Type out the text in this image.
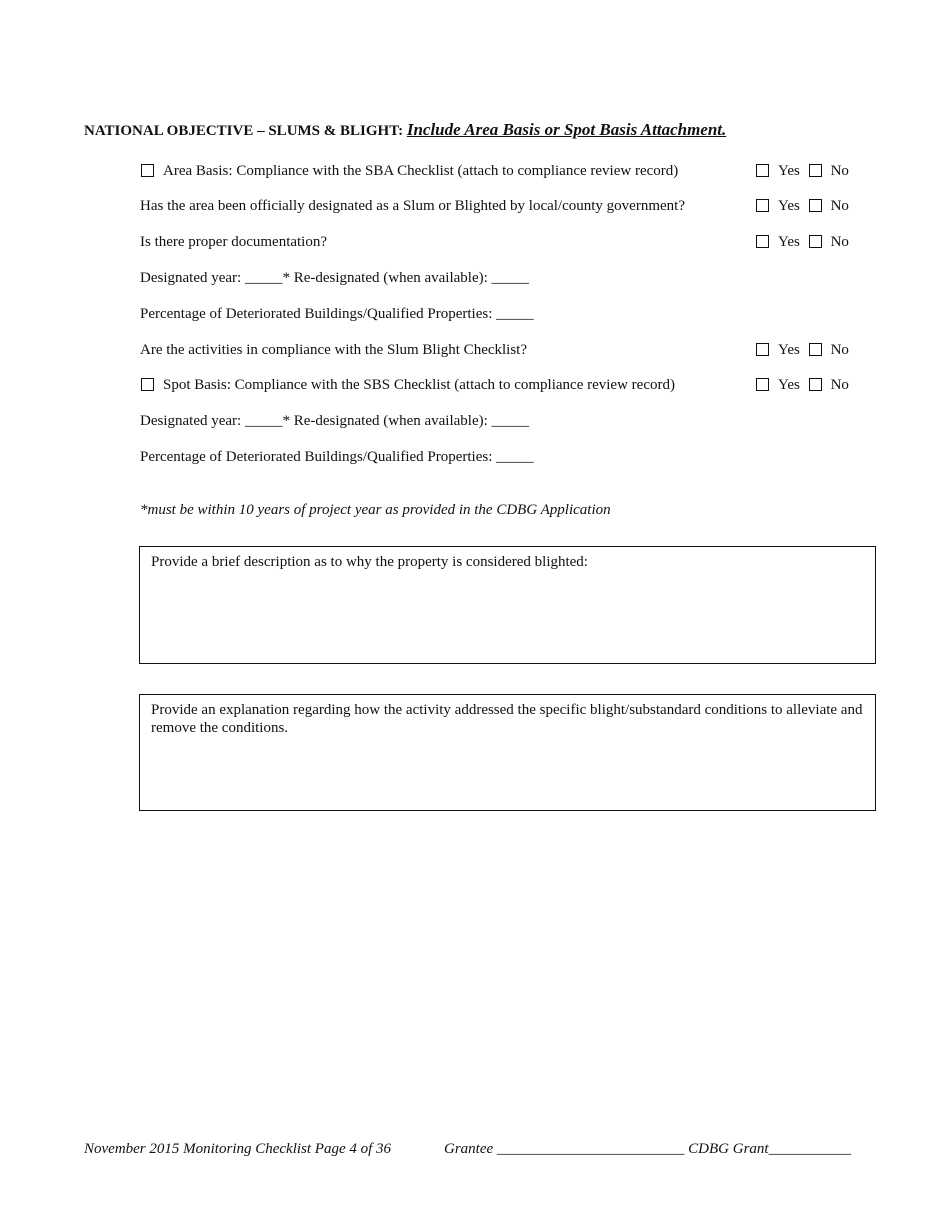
NATIONAL OBJECTIVE – SLUMS & BLIGHT: Include Area Basis or Spot Basis Attachment.
Area Basis: Compliance with the SBA Checklist (attach to compliance review record)	Yes No
Has the area been officially designated as a Slum or Blighted by local/county government?	Yes No
Is there proper documentation?	Yes No
Designated year: _____* Re-designated (when available): _____
Percentage of Deteriorated Buildings/Qualified Properties: _____
Are the activities in compliance with the Slum Blight Checklist?	Yes No
Spot Basis: Compliance with the SBS Checklist (attach to compliance review record)	Yes No
Designated year: _____* Re-designated (when available): _____
Percentage of Deteriorated Buildings/Qualified Properties: _____
*must be within 10 years of project year as provided in the CDBG Application
Provide a brief description as to why the property is considered blighted:
Provide an explanation regarding how the activity addressed the specific blight/substandard conditions to alleviate and remove the conditions.
November 2015 Monitoring Checklist Page 4 of 36	Grantee _________________________ CDBG Grant___________
